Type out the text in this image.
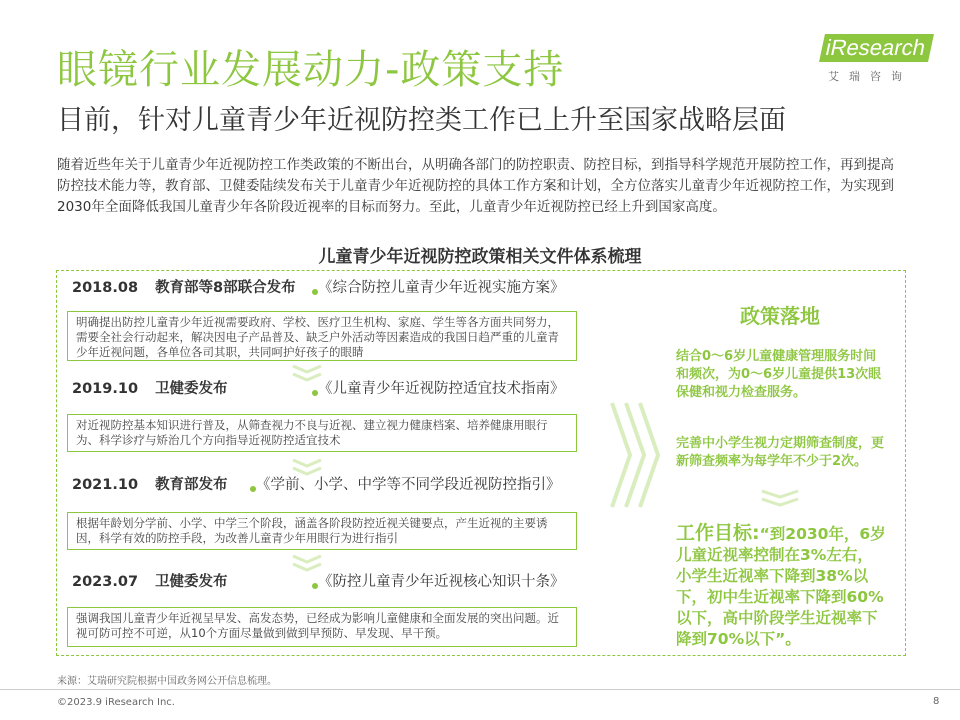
眼镜行业发展动力-政策支持
目前，针对儿童青少年近视防控类工作已上升至国家战略层面
iResearch
艾瑞咨询
随着近些年关于儿童青少年近视防控工作类政策的不断出台，从明确各部门的防控职责、防控目标，到指导科学规范开展防控工作，再到提高防控技术能力等，教育部、卫健委陆续发布关于儿童青少年近视防控的具体工作方案和计划，全方位落实儿童青少年近视防控工作，为实现到2030年全面降低我国儿童青少年各阶段近视率的目标而努力。至此，儿童青少年近视防控已经上升到国家高度。
儿童青少年近视防控政策相关文件体系梳理
2018.08 教育部等8部联合发布 《综合防控儿童青少年近视实施方案》
明确提出防控儿童青少年近视需要政府、学校、医疗卫生机构、家庭、学生等各方面共同努力，需要全社会行动起来，解决因电子产品普及、缺乏户外活动等因素造成的我国日趋严重的儿童青少年近视问题，各单位各司其职，共同呵护好孩子的眼睛
2019.10 卫健委发布	《儿童青少年近视防控适宜技术指南》
对近视防控基本知识进行普及，从筛查视力不良与近视、建立视力健康档案、培养健康用眼行为、科学诊疗与矫治几个方向指导近视防控适宜技术
2021.10 教育部发布 《学前、小学、中学等不同学段近视防控指引》
根据年龄划分学前、小学、中学三个阶段，涵盖各阶段防控近视关键要点，产生近视的主要诱因，科学有效的防控手段，为改善儿童青少年用眼行为进行指引
2023.07 卫健委发布	《防控儿童青少年近视核心知识十条》
强调我国儿童青少年近视呈早发、高发态势，已经成为影响儿童健康和全面发展的突出问题。近视可防可控不可逆，从10个方面尽量做到做到早预防、早发现、早干预。
政策落地
结合0～6岁儿童健康管理服务时间和频次，为0～6岁儿童提供13次眼保健和视力检查服务。
完善中小学生视力定期筛查制度，更新筛查频率为每学年不少于2次。
工作目标:“到2030年，6岁儿童近视率控制在3%左右，小学生近视率下降到38%以下，初中生近视率下降到60%以下，高中阶段学生近视率下降到70%以下”。
来源：艾瑞研究院根据中国政务网公开信息梳理。
©2023.9 iResearch Inc.	8
